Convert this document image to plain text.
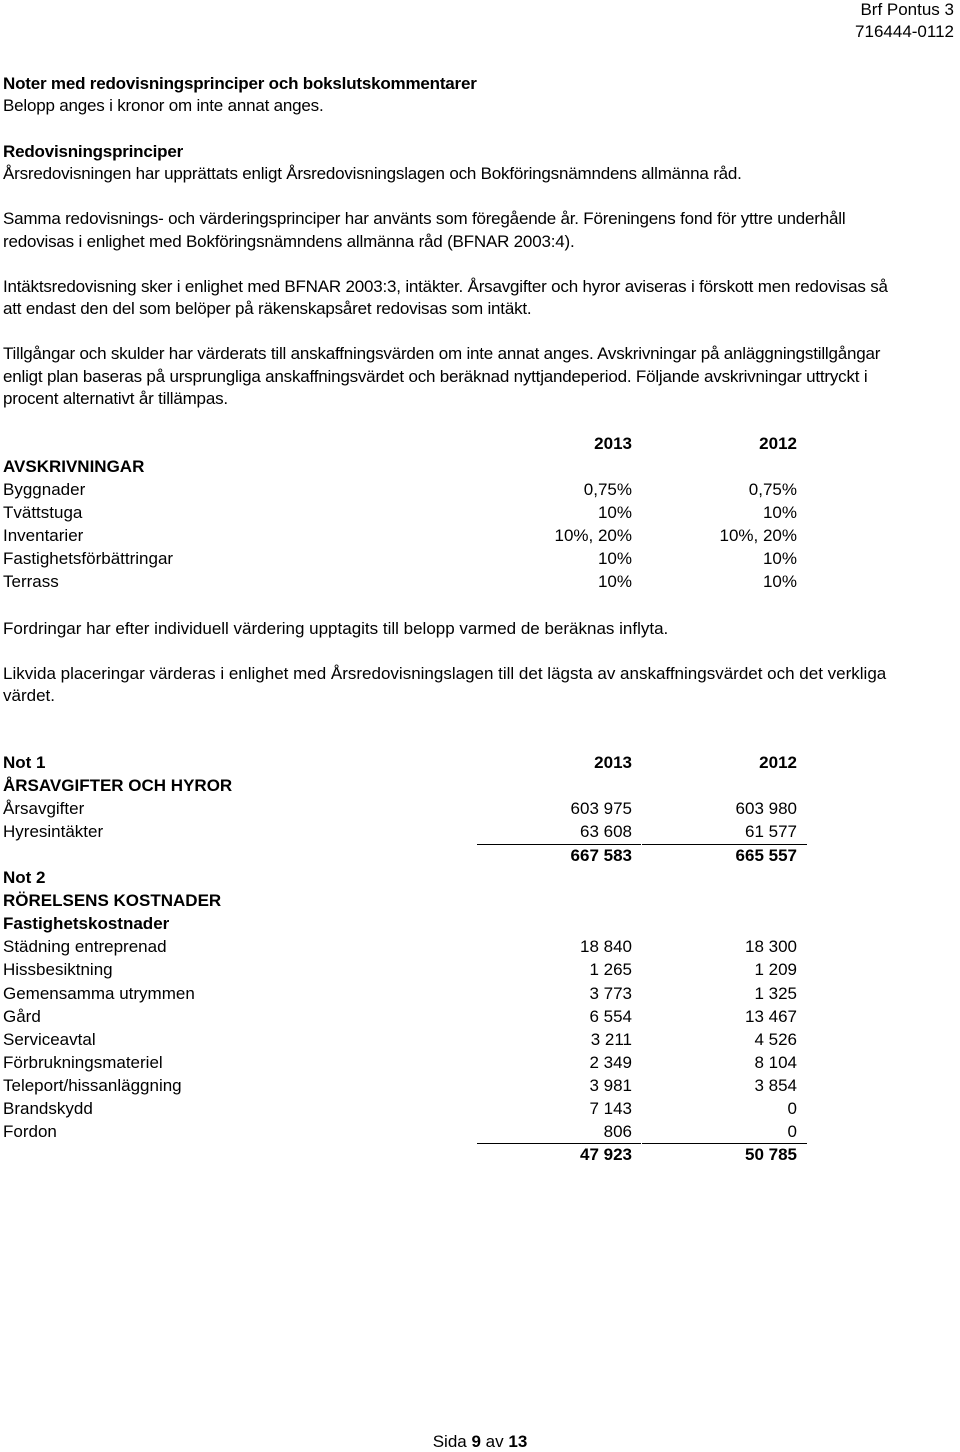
Brf Pontus 3
716444-0112
Noter med redovisningsprinciper och bokslutskommentarer
Belopp anges i kronor om inte annat anges.
Redovisningsprinciper
Årsredovisningen har upprättats enligt Årsredovisningslagen och Bokföringsnämndens allmänna råd.
Samma redovisnings- och värderingsprinciper har använts som föregående år. Föreningens fond för yttre underhåll
redovisas i enlighet med Bokföringsnämndens allmänna råd (BFNAR 2003:4).
Intäktsredovisning sker i enlighet med BFNAR 2003:3, intäkter. Årsavgifter och hyror aviseras i förskott men redovisas så
att endast den del som belöper på räkenskapsåret redovisas som intäkt.
Tillgångar och skulder har värderats till anskaffningsvärden om inte annat anges. Avskrivningar på anläggningstillgångar
enligt plan baseras på ursprungliga anskaffningsvärdet och beräknad nyttjandeperiod. Följande avskrivningar uttryckt i
procent alternativt år tillämpas.
2013	2012
AVSKRIVNINGAR
Byggnader	0,75%	0,75%
Tvättstuga	10%	10%
Inventarier	10%, 20%	10%, 20%
Fastighetsförbättringar	10%	10%
Terrass	10%	10%
Fordringar har efter individuell värdering upptagits till belopp varmed de beräknas inflyta.
Likvida placeringar värderas i enlighet med Årsredovisningslagen till det lägsta av anskaffningsvärdet och det verkliga
värdet.
Not 1	2013	2012
ÅRSAVGIFTER OCH HYROR
Årsavgifter	603 975	603 980
Hyresintäkter	63 608	61 577
667 583	665 557
Not 2
RÖRELSENS KOSTNADER
Fastighetskostnader
Städning entreprenad	18 840	18 300
Hissbesiktning	1 265	1 209
Gemensamma utrymmen	3 773	1 325
Gård	6 554	13 467
Serviceavtal	3 211	4 526
Förbrukningsmateriel	2 349	8 104
Teleport/hissanläggning	3 981	3 854
Brandskydd	7 143	0
Fordon	806	0
47 923	50 785
Sida 9 av 13
